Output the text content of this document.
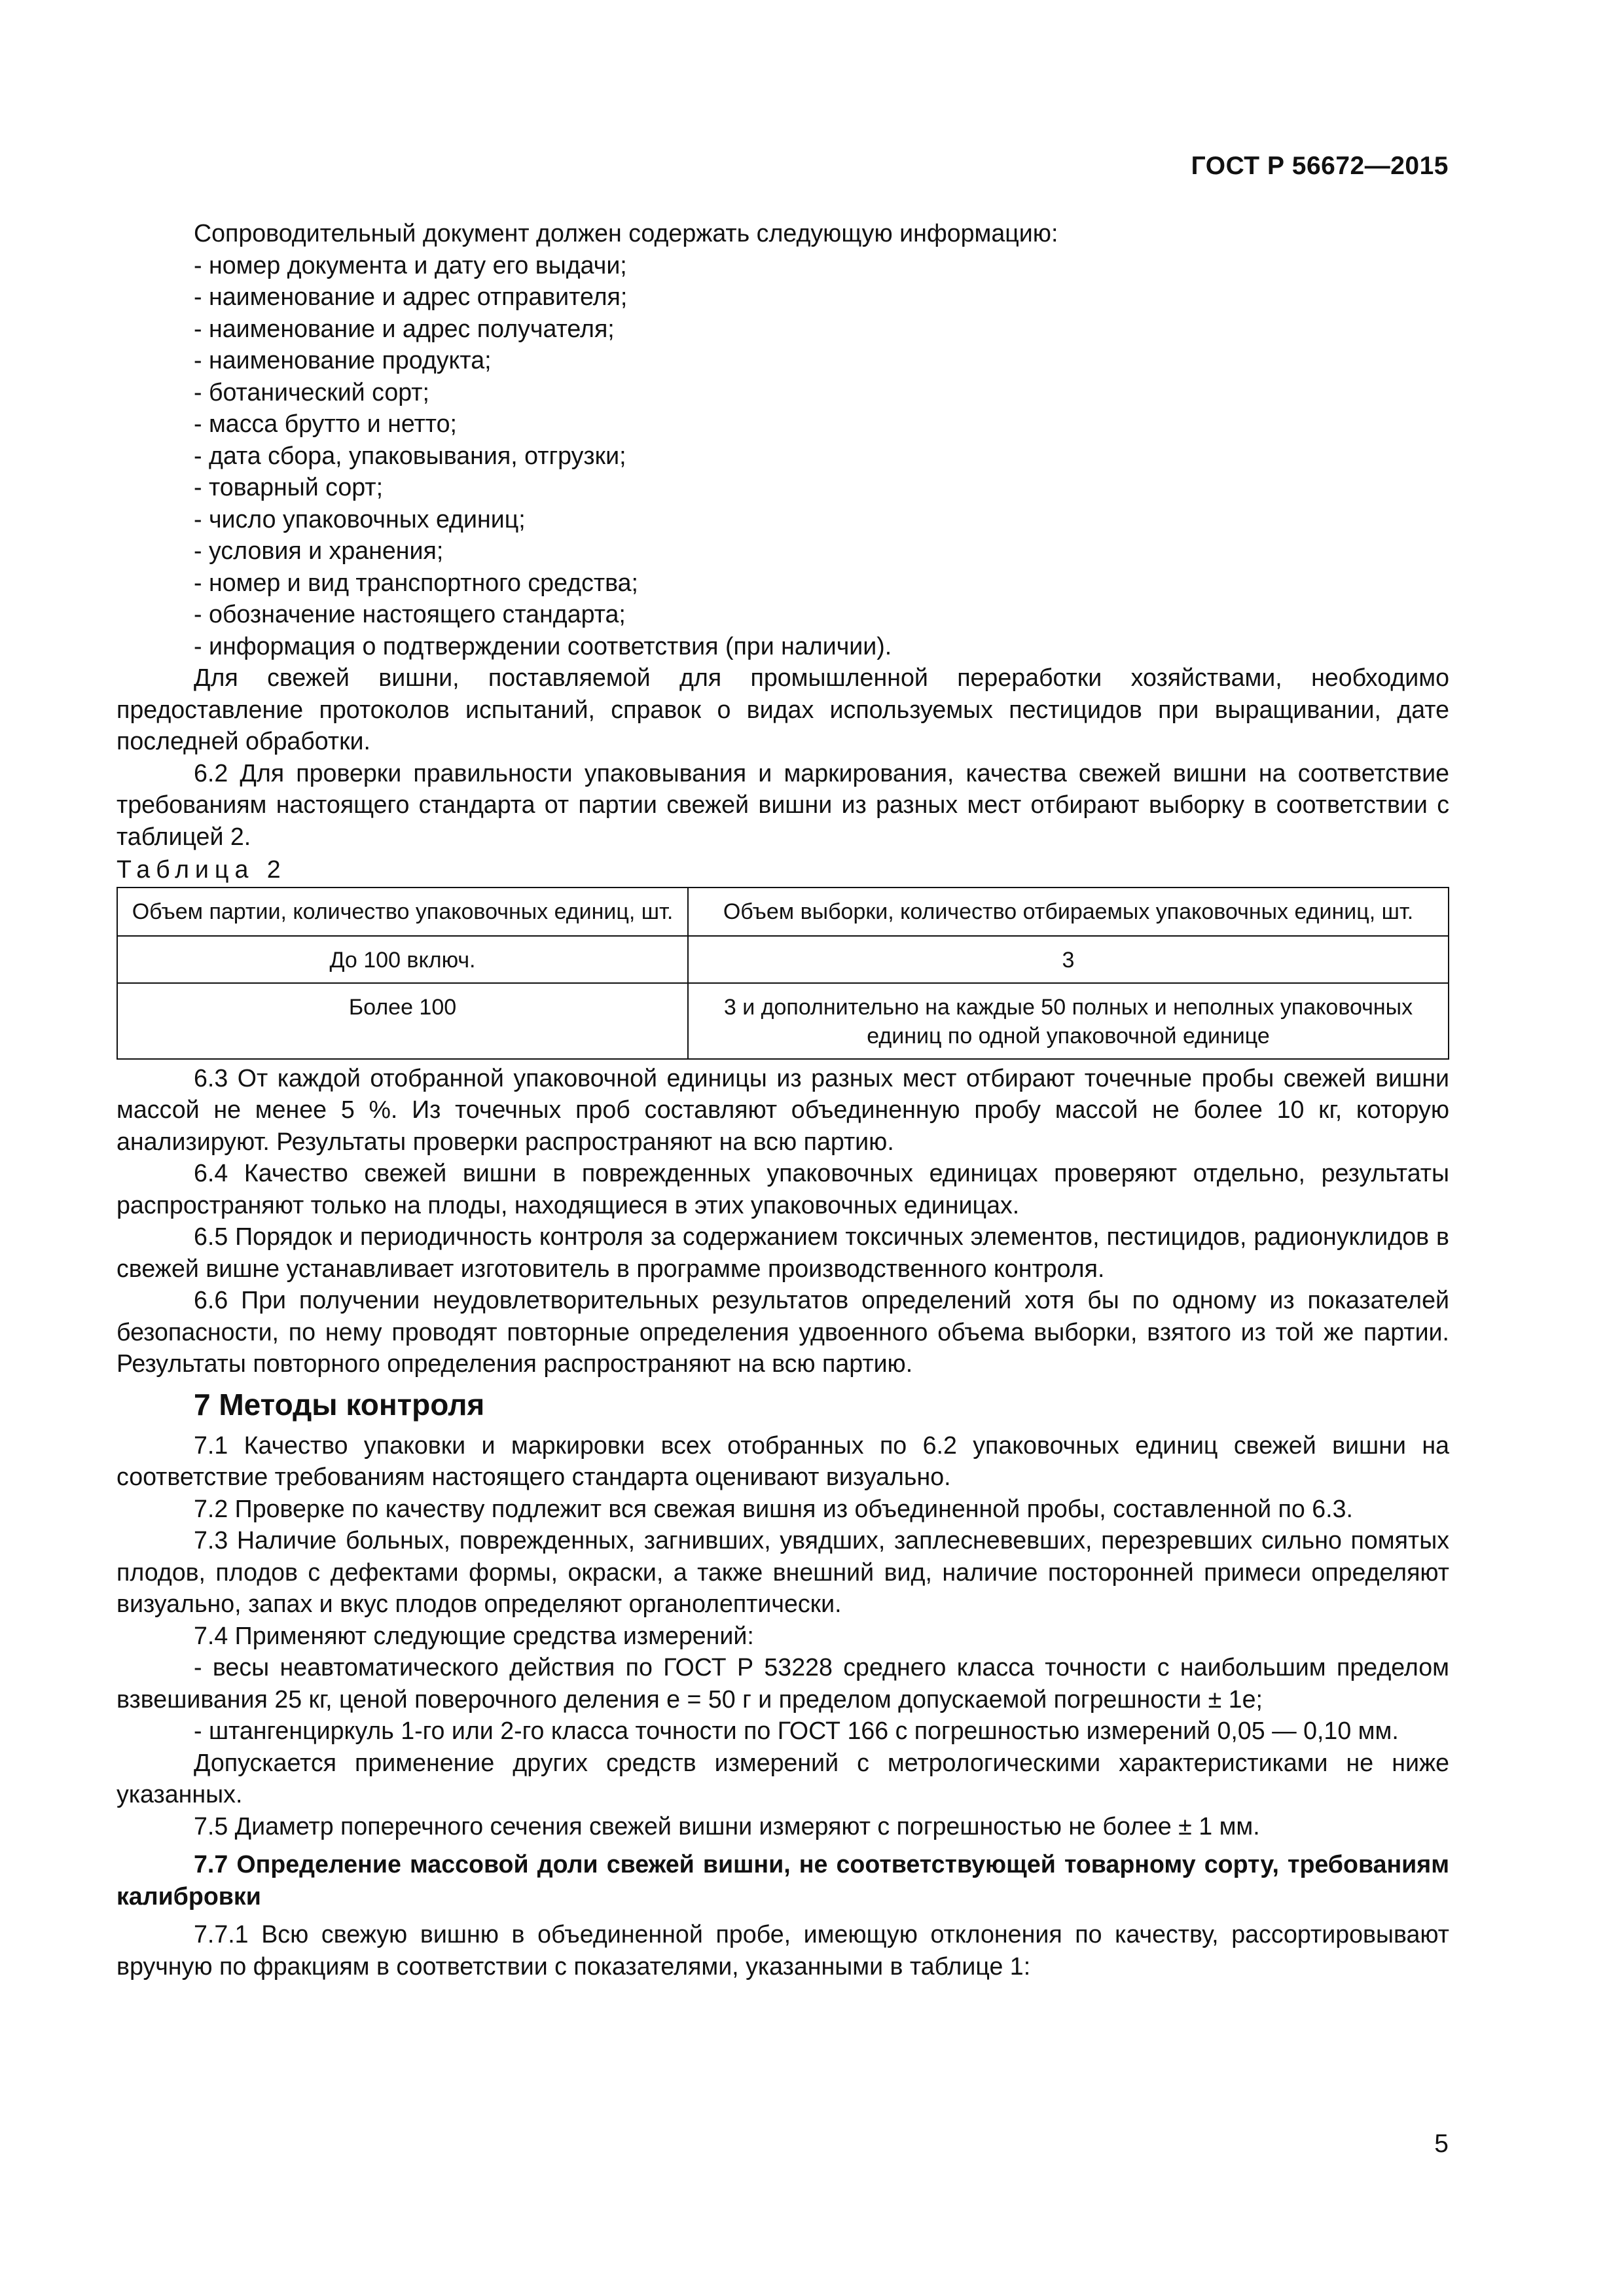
ГОСТ Р 56672—2015

Сопроводительный документ должен содержать следующую информацию:

- номер документа и дату его выдачи;
- наименование и адрес отправителя;
- наименование и адрес получателя;
- наименование продукта;
- ботанический сорт;
- масса брутто и нетто;
- дата сбора, упаковывания, отгрузки;
- товарный сорт;
- число упаковочных единиц;
- условия и хранения;
- номер и вид транспортного средства;
- обозначение настоящего стандарта;
- информация о подтверждении соответствия (при наличии).

Для свежей вишни, поставляемой для промышленной переработки хозяйствами, необходимо предоставление протоколов испытаний, справок о видах используемых пестицидов при выращивании, дате последней обработки.

6.2 Для проверки правильности упаковывания и маркирования, качества свежей вишни на соответствие требованиям настоящего стандарта от партии свежей вишни из разных мест отбирают выборку в соответствии с таблицей 2.

Таблица 2
Объем партии, количество упаковочных единиц, шт.	Объем выборки, количество отбираемых упаковочных единиц, шт.
До 100 включ.	3
Более 100	3 и дополнительно на каждые 50 полных и неполных упаковочных единиц по одной упаковочной единице

6.3 От каждой отобранной упаковочной единицы из разных мест отбирают точечные пробы свежей вишни массой не менее 5 %. Из точечных проб составляют объединенную пробу массой не более 10 кг, которую анализируют. Результаты проверки распространяют на всю партию.

6.4 Качество свежей вишни в поврежденных упаковочных единицах проверяют отдельно, результаты распространяют только на плоды, находящиеся в этих упаковочных единицах.

6.5 Порядок и периодичность контроля за содержанием токсичных элементов, пестицидов, радионуклидов в свежей вишне устанавливает изготовитель в программе производственного контроля.

6.6 При получении неудовлетворительных результатов определений хотя бы по одному из показателей безопасности, по нему проводят повторные определения удвоенного объема выборки, взятого из той же партии. Результаты повторного определения распространяют на всю партию.

7 Методы контроля

7.1 Качество упаковки и маркировки всех отобранных по 6.2 упаковочных единиц свежей вишни на соответствие требованиям настоящего стандарта оценивают визуально.

7.2 Проверке по качеству подлежит вся свежая вишня из объединенной пробы, составленной по 6.3.

7.3 Наличие больных, поврежденных, загнивших, увядших, заплесневевших, перезревших сильно помятых плодов, плодов с дефектами формы, окраски, а также внешний вид, наличие посторонней примеси определяют визуально, запах и вкус плодов определяют органолептически.

7.4 Применяют следующие средства измерений:

- весы неавтоматического действия по ГОСТ Р 53228 среднего класса точности с наибольшим пределом взвешивания 25 кг, ценой поверочного деления е = 50 г и пределом допускаемой погрешности ± 1е;

- штангенциркуль 1-го или 2-го класса точности по ГОСТ 166 с погрешностью измерений 0,05 — 0,10 мм.

Допускается применение других средств измерений с метрологическими характеристиками не ниже указанных.

7.5 Диаметр поперечного сечения свежей вишни измеряют с погрешностью не более ± 1 мм.

7.7 Определение массовой доли свежей вишни, не соответствующей товарному сорту, требованиям калибровки

7.7.1 Всю свежую вишню в объединенной пробе, имеющую отклонения по качеству, рассортировывают вручную по фракциям в соответствии с показателями, указанными в таблице 1:

5
